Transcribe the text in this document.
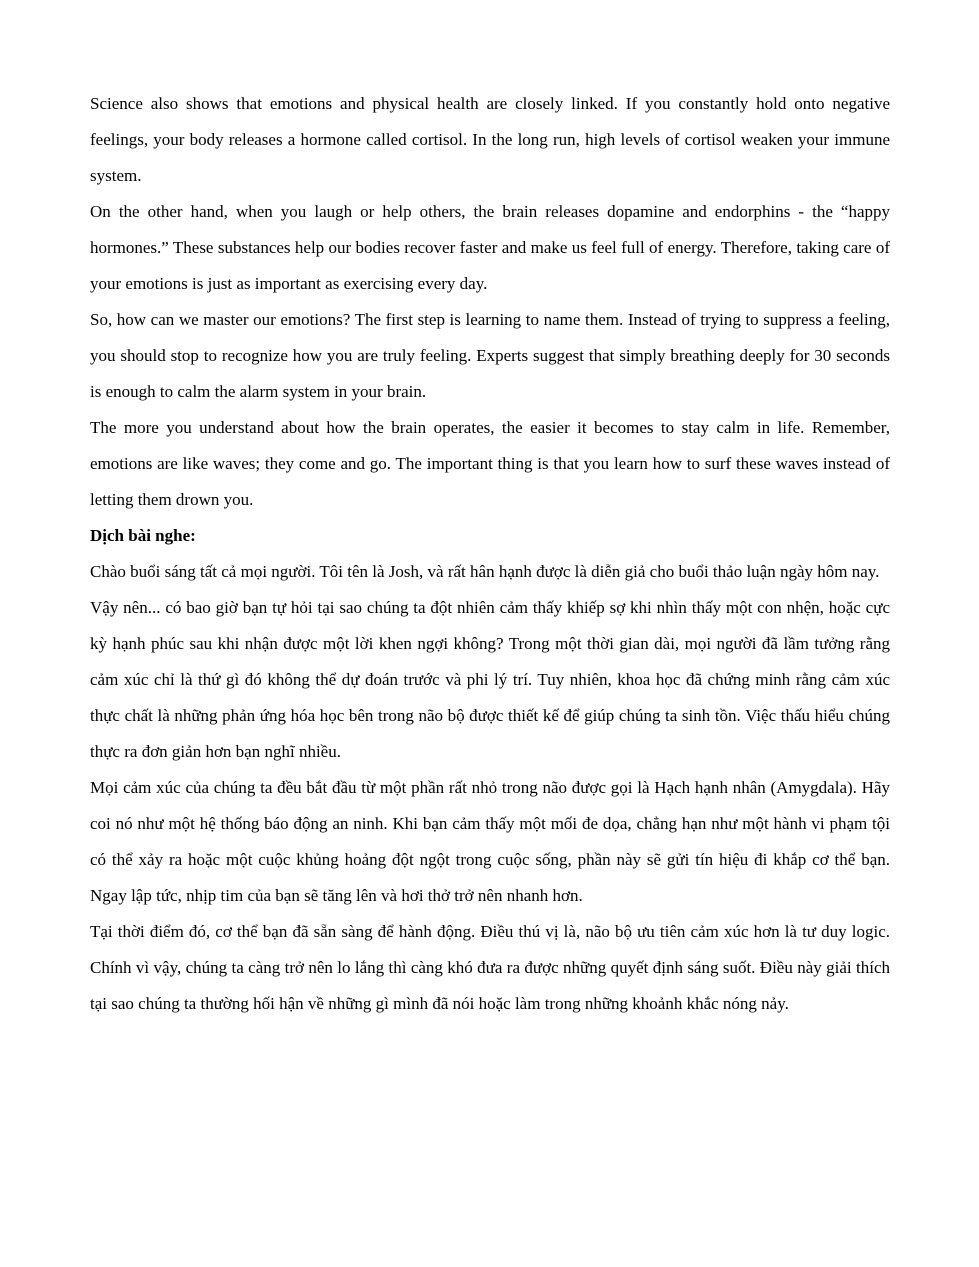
Science also shows that emotions and physical health are closely linked. If you constantly hold onto negative feelings, your body releases a hormone called cortisol. In the long run, high levels of cortisol weaken your immune system.

On the other hand, when you laugh or help others, the brain releases dopamine and endorphins - the “happy hormones.” These substances help our bodies recover faster and make us feel full of energy. Therefore, taking care of your emotions is just as important as exercising every day.

So, how can we master our emotions? The first step is learning to name them. Instead of trying to suppress a feeling, you should stop to recognize how you are truly feeling. Experts suggest that simply breathing deeply for 30 seconds is enough to calm the alarm system in your brain.

The more you understand about how the brain operates, the easier it becomes to stay calm in life. Remember, emotions are like waves; they come and go. The important thing is that you learn how to surf these waves instead of letting them drown you.

Dịch bài nghe:

Chào buổi sáng tất cả mọi người. Tôi tên là Josh, và rất hân hạnh được là diễn giả cho buổi thảo luận ngày hôm nay.

Vậy nên... có bao giờ bạn tự hỏi tại sao chúng ta đột nhiên cảm thấy khiếp sợ khi nhìn thấy một con nhện, hoặc cực kỳ hạnh phúc sau khi nhận được một lời khen ngợi không? Trong một thời gian dài, mọi người đã lầm tưởng rằng cảm xúc chỉ là thứ gì đó không thể dự đoán trước và phi lý trí. Tuy nhiên, khoa học đã chứng minh rằng cảm xúc thực chất là những phản ứng hóa học bên trong não bộ được thiết kế để giúp chúng ta sinh tồn. Việc thấu hiểu chúng thực ra đơn giản hơn bạn nghĩ nhiều.

Mọi cảm xúc của chúng ta đều bắt đầu từ một phần rất nhỏ trong não được gọi là Hạch hạnh nhân (Amygdala). Hãy coi nó như một hệ thống báo động an ninh. Khi bạn cảm thấy một mối đe dọa, chẳng hạn như một hành vi phạm tội có thể xảy ra hoặc một cuộc khủng hoảng đột ngột trong cuộc sống, phần này sẽ gửi tín hiệu đi khắp cơ thể bạn. Ngay lập tức, nhịp tim của bạn sẽ tăng lên và hơi thở trở nên nhanh hơn.

Tại thời điểm đó, cơ thể bạn đã sẵn sàng để hành động. Điều thú vị là, não bộ ưu tiên cảm xúc hơn là tư duy logic. Chính vì vậy, chúng ta càng trở nên lo lắng thì càng khó đưa ra được những quyết định sáng suốt. Điều này giải thích tại sao chúng ta thường hối hận về những gì mình đã nói hoặc làm trong những khoảnh khắc nóng nảy.
